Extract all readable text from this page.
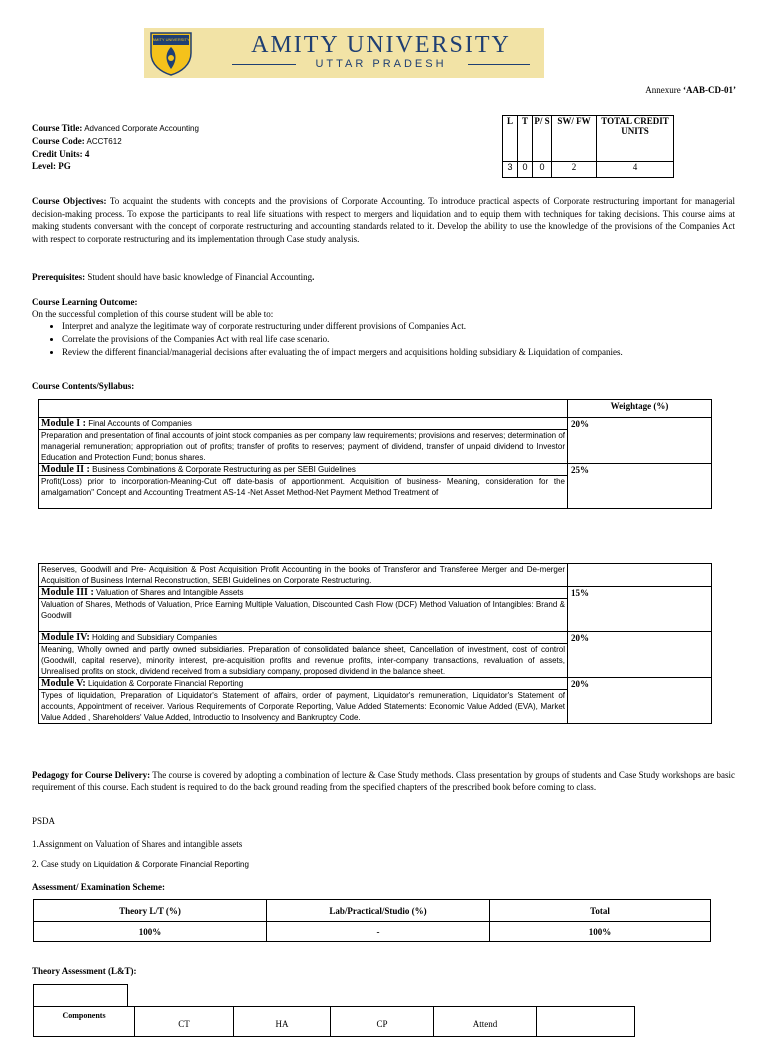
AMITY UNIVERSITY	AMITY UNIVERSITY
UTTAR PRADESH
Annexure ‘AAB-CD-01’
Course Title: Advanced Corporate Accounting
Course Code: ACCT612
Credit Units: 4
Level: PG
L	T	P/ S	SW/ FW	TOTAL CREDIT UNITS
3	0	0	2	4
Course Objectives: To acquaint the students with concepts and the provisions of Corporate Accounting. To introduce practical aspects of Corporate restructuring important for managerial decision-making process. To expose the participants to real life situations with respect to mergers and liquidation and to equip them with techniques for taking decisions. This course aims at making students conversant with the concept of corporate restructuring and accounting standards related to it. Develop the ability to use the knowledge of the provisions of the Companies Act with respect to corporate restructuring and its implementation through Case study analysis.
Prerequisites: Student should have basic knowledge of Financial Accounting.
Course Learning Outcome:
On the successful completion of this course student will be able to:
• Interpret and analyze the legitimate way of corporate restructuring under different provisions of Companies Act.
• Correlate the provisions of the Companies Act with real life case scenario.
• Review the different financial/managerial decisions after evaluating the of impact mergers and acquisitions holding subsidiary & Liquidation of companies.
Course Contents/Syllabus:
	Weightage (%)

Module I : Final Accounts of Companies
Preparation and presentation of final accounts of joint stock companies as per company law requirements; provisions and reserves; determination of managerial remuneration; appropriation out of profits; transfer of profits to reserves; payment of dividend, transfer of unpaid dividend to Investor Education and Protection Fund; bonus shares.	20%

Module II : Business Combinations & Corporate Restructuring as per SEBI Guidelines
Profit(Loss) prior to incorporation-Meaning-Cut off date-basis of apportionment. Acquisition of business- Meaning, consideration for the amalgamation" Concept and Accounting Treatment AS-14 -Net Asset Method-Net Payment Method Treatment of	25%
Reserves, Goodwill and Pre- Acquisition & Post Acquisition Profit Accounting in the books of Transferor and Transferee Merger and De-merger Acquisition of Business Internal Reconstruction, SEBI Guidelines on Corporate Restructuring.	

Module III : Valuation of Shares and Intangible Assets
Valuation of Shares, Methods of Valuation, Price Earning Multiple Valuation, Discounted Cash Flow (DCF) Method Valuation of Intangibles: Brand & Goodwill	15%

Module IV: Holding and Subsidiary Companies
Meaning, Wholly owned and partly owned subsidiaries. Preparation of consolidated balance sheet, Cancellation of investment, cost of control (Goodwill, capital reserve), minority interest, pre-acquisition profits and revenue profits, inter-company transactions, revaluation of assets, Unrealised profits on stock, dividend received from a subsidiary company, proposed dividend in the balance sheet.	20%

Module V: Liquidation & Corporate Financial Reporting
Types of liquidation, Preparation of Liquidator's Statement of affairs, order of payment, Liquidator's remuneration, Liquidator's Statement of accounts, Appointment of receiver. Various Requirements of Corporate Reporting, Value Added Statements: Economic Value Added (EVA), Market Value Added , Shareholders' Value Added, Introductio to Insolvency and Bankruptcy Code.	20%
Pedagogy for Course Delivery: The course is covered by adopting a combination of lecture & Case Study methods. Class presentation by groups of students and Case Study workshops are basic requirement of this course. Each student is required to do the back ground reading from the specified chapters of the prescribed book before coming to class.
PSDA
1.Assignment on Valuation of Shares and intangible assets
2. Case study on Liquidation & Corporate Financial Reporting
Assessment/ Examination Scheme:
Theory L/T (%)	Lab/Practical/Studio (%)	Total
100%	-	100%
Theory Assessment (L&T):
Components	CT	HA	CP	Attend	
